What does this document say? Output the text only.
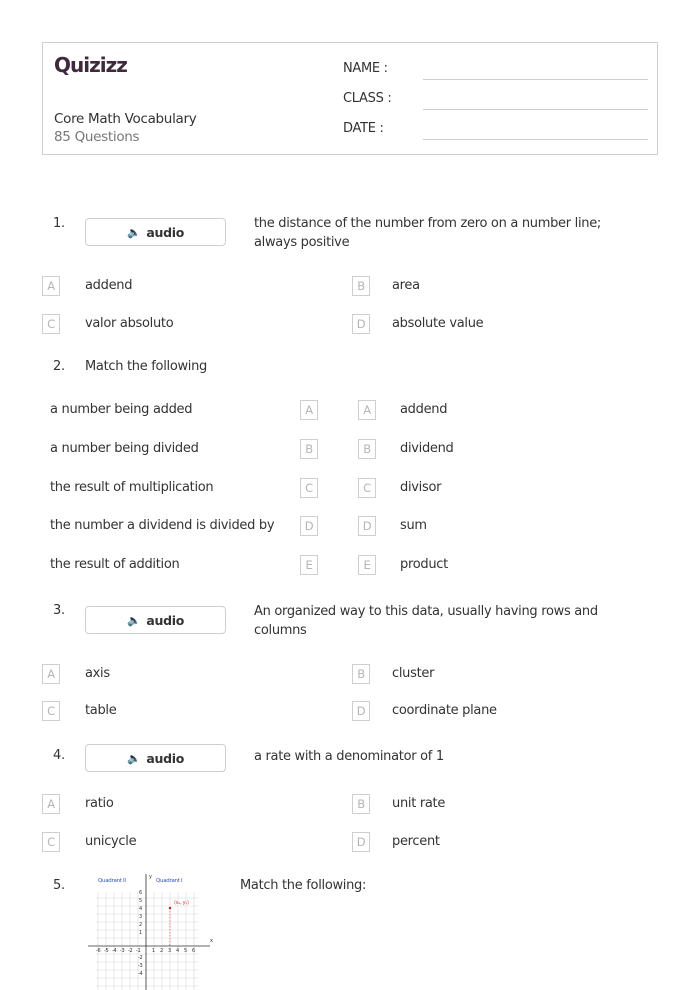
Quizizz
Core Math Vocabulary
85 Questions
NAME :
CLASS :
DATE :
1.
🔈 audio
the distance of the number from zero on a number line; always positive
A	addend	B	area
C	valor absoluto	D	absolute value
2. Match the following
a number being added	A	A	addend
a number being divided	B	B	dividend
the result of multiplication	C	C	divisor
the number a dividend is divided by	D	D	sum
the result of addition	E	E	product
3.
🔈 audio
An organized way to this data, usually having rows and columns
A	axis	B	cluster
C	table	D	coordinate plane
4.	🔈 audio	a rate with a denominator of 1
A	ratio	B	unit rate
C	unicycle	D	percent
5.	Quadrant II	Quadrant I
(x₁, y₁)
y
x
6
5
4
3
2
1
-2
-3
-4
-6 -5 -4 -3 -2 -1 1 2 3 4 5 6
Match the following:
